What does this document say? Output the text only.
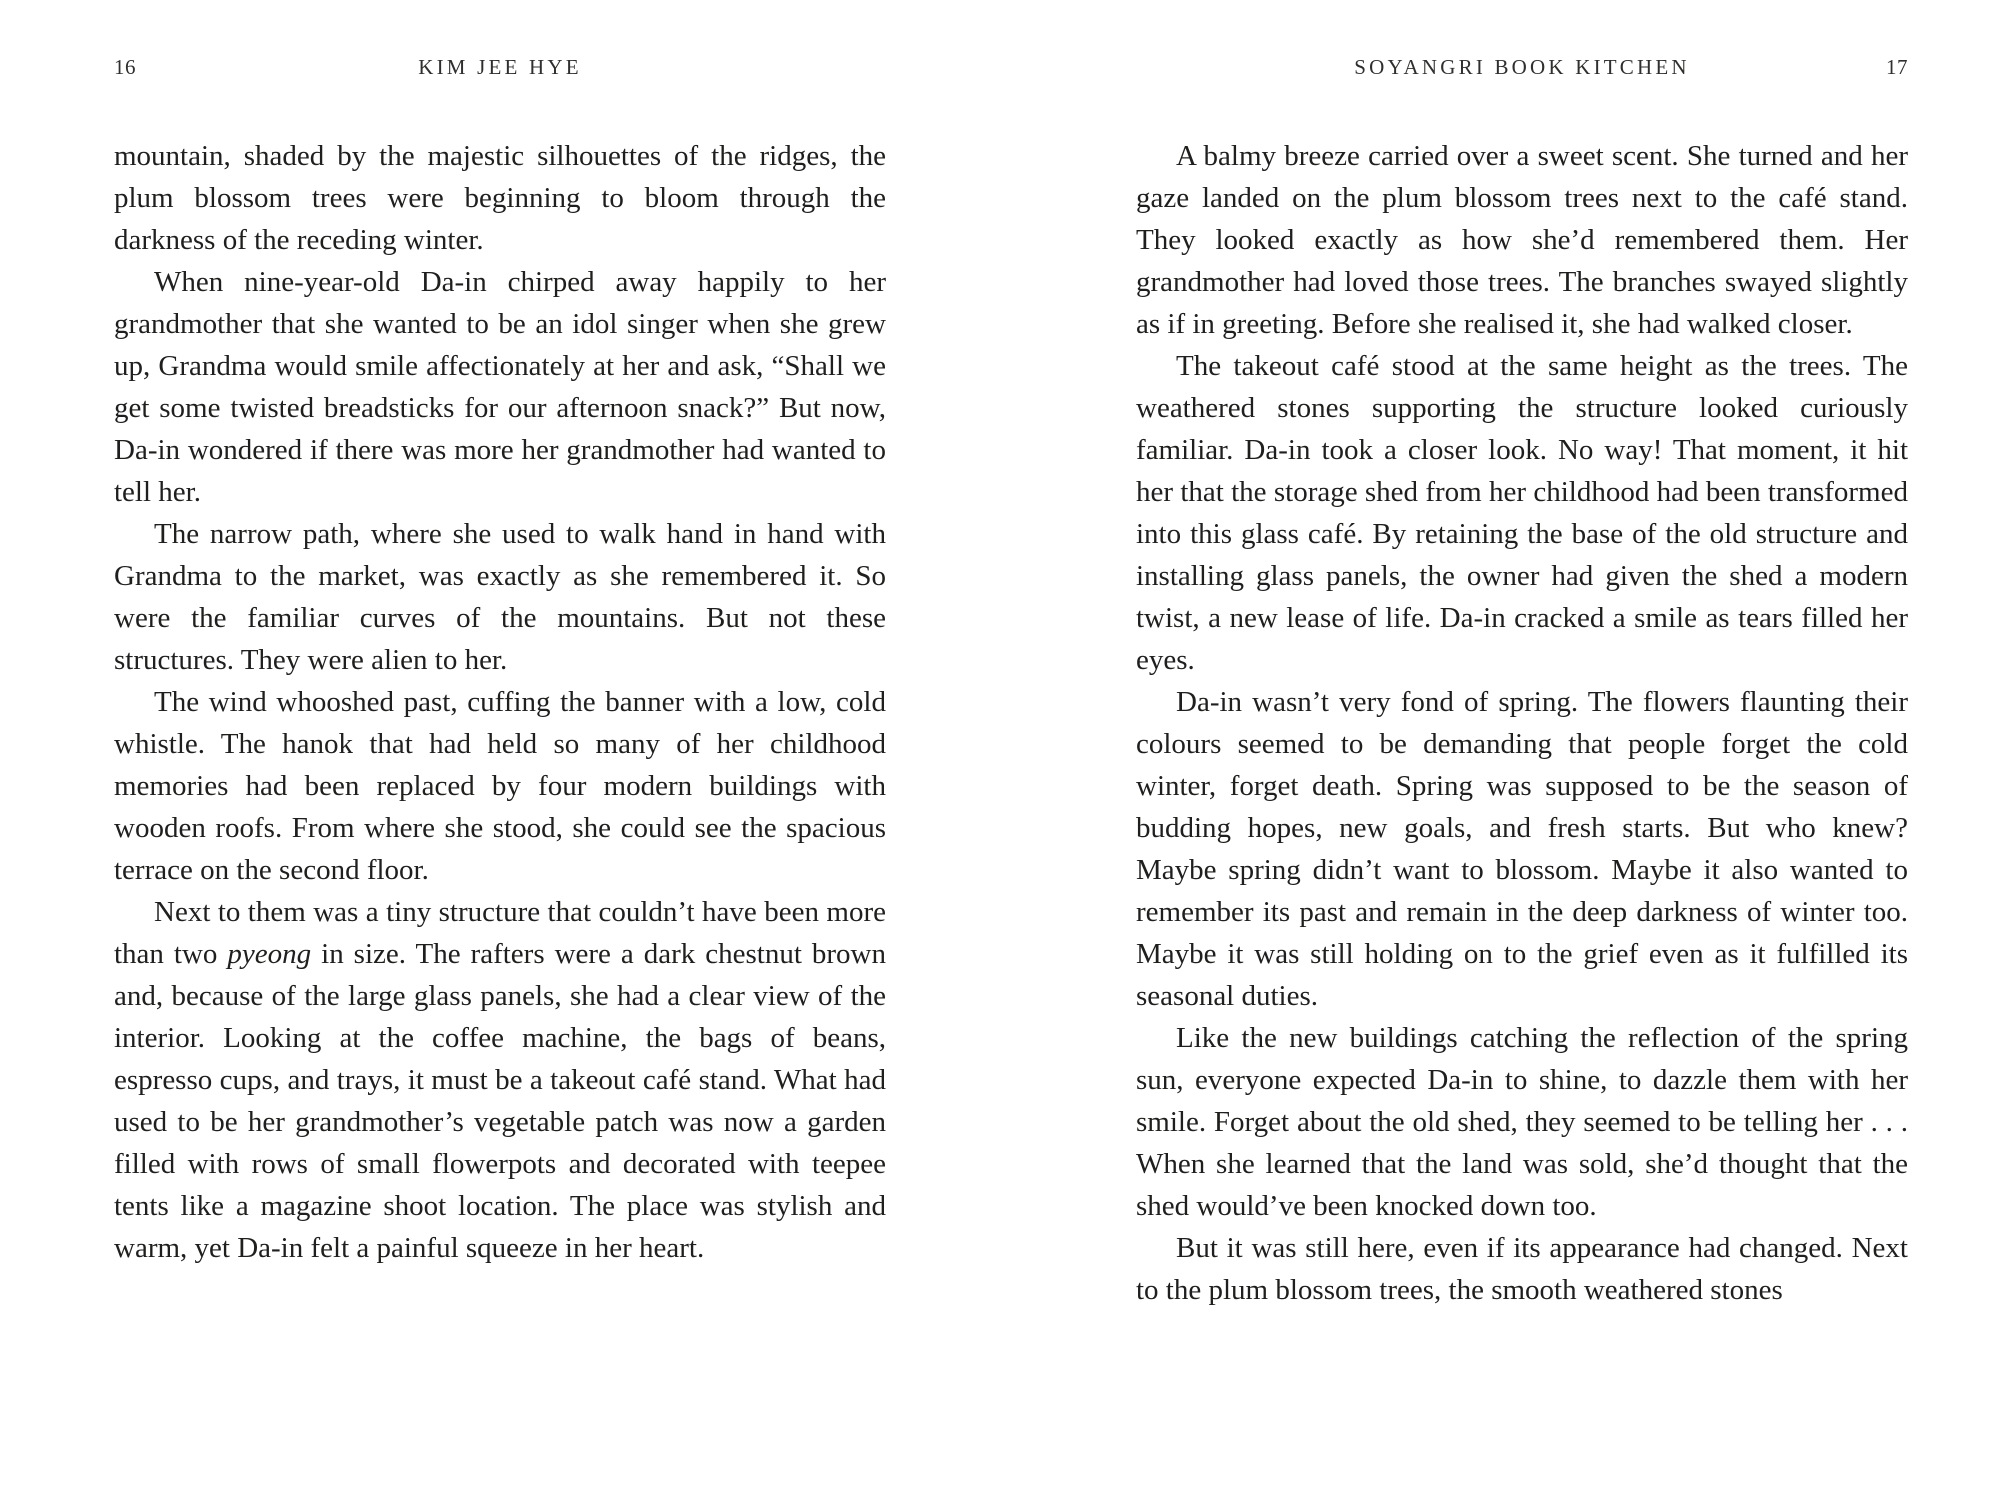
16	KIM JEE HYE

mountain, shaded by the majestic silhouettes of the ridges, the plum blossom trees were beginning to bloom through the darkness of the receding winter.

When nine-year-old Da-in chirped away happily to her grandmother that she wanted to be an idol singer when she grew up, Grandma would smile affectionately at her and ask, “Shall we get some twisted breadsticks for our afternoon snack?” But now, Da-in wondered if there was more her grandmother had wanted to tell her.

The narrow path, where she used to walk hand in hand with Grandma to the market, was exactly as she remembered it. So were the familiar curves of the mountains. But not these structures. They were alien to her.

The wind whooshed past, cuffing the banner with a low, cold whistle. The hanok that had held so many of her childhood memories had been replaced by four modern buildings with wooden roofs. From where she stood, she could see the spacious terrace on the second floor.

Next to them was a tiny structure that couldn’t have been more than two pyeong in size. The rafters were a dark chestnut brown and, because of the large glass panels, she had a clear view of the interior. Looking at the coffee machine, the bags of beans, espresso cups, and trays, it must be a takeout café stand. What had used to be her grandmother’s vegetable patch was now a garden filled with rows of small flowerpots and decorated with teepee tents like a magazine shoot location. The place was stylish and warm, yet Da-in felt a painful squeeze in her heart.

SOYANGRI BOOK KITCHEN	17

A balmy breeze carried over a sweet scent. She turned and her gaze landed on the plum blossom trees next to the café stand. They looked exactly as how she’d remembered them. Her grandmother had loved those trees. The branches swayed slightly as if in greeting. Before she realised it, she had walked closer.

The takeout café stood at the same height as the trees. The weathered stones supporting the structure looked curiously familiar. Da-in took a closer look. No way! That moment, it hit her that the storage shed from her childhood had been transformed into this glass café. By retaining the base of the old structure and installing glass panels, the owner had given the shed a modern twist, a new lease of life. Da-in cracked a smile as tears filled her eyes.

Da-in wasn’t very fond of spring. The flowers flaunting their colours seemed to be demanding that people forget the cold winter, forget death. Spring was supposed to be the season of budding hopes, new goals, and fresh starts. But who knew? Maybe spring didn’t want to blossom. Maybe it also wanted to remember its past and remain in the deep darkness of winter too. Maybe it was still holding on to the grief even as it fulfilled its seasonal duties.

Like the new buildings catching the reflection of the spring sun, everyone expected Da-in to shine, to dazzle them with her smile. Forget about the old shed, they seemed to be telling her . . . When she learned that the land was sold, she’d thought that the shed would’ve been knocked down too.

But it was still here, even if its appearance had changed. Next to the plum blossom trees, the smooth weathered stones
